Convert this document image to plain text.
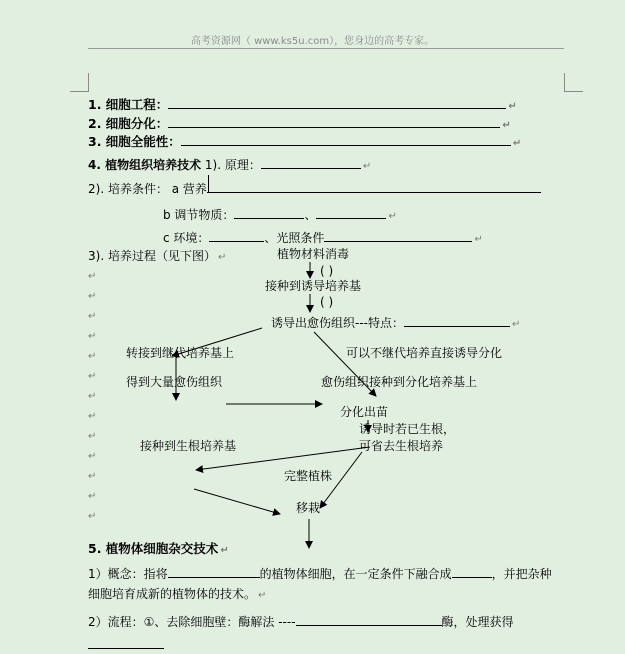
高考资源网（ www.ks5u.com），您身边的高考专家。
1. 细胞工程：	↵
2. 细胞分化：	↵
3. 细胞全能性：	↵
4. 植物组织培养技术 1). 原理：	↵
2). 培养条件： a 营养
b 调节物质：	、	↵
c 环境：	、光照条件	↵
3). 培养过程（见下图） ↵
↵
↵
↵
↵
↵
↵
↵
↵
↵
↵
↵
↵
↵
植物材料消毒
( )
接种到诱导培养基
( )
诱导出愈伤组织---特点：	↵
转接到继代培养基上	可以不继代培养直接诱导分化
得到大量愈伤组织	愈伤组织接种到分化培养基上
分化出苗
诱导时若已生根，
可省去生根培养
接种到生根培养基
完整植株
移栽
5. 植物体细胞杂交技术 ↵
1）概念：指将	的植物体细胞，在一定条件下融合成	，并把杂种
细胞培育成新的植物体的技术。 ↵
2）流程：①、去除细胞壁：酶解法 ----	酶，处理获得
